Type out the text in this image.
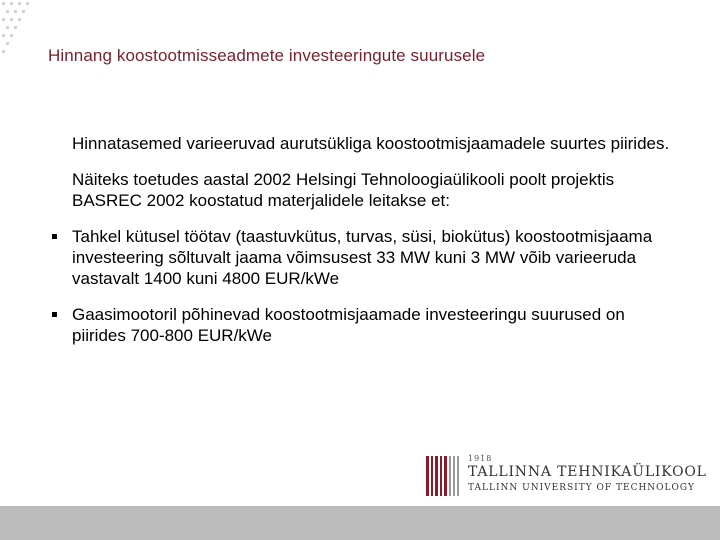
Hinnang koostootmisseadmete investeeringute suurusele

Hinnatasemed varieeruvad aurutsükliga koostootmisjaamadele suurtes piirides.

Näiteks toetudes aastal 2002 Helsingi Tehnoloogiaülikooli poolt projektis BASREC 2002 koostatud materjalidele leitakse et:

Tahkel kütusel töötav (taastuvkütus, turvas, süsi, biokütus) koostootmisjaama investeering sõltuvalt jaama võimsusest 33 MW kuni 3 MW võib varieeruda vastavalt 1400 kuni 4800 EUR/kWe
Gaasimootoril põhinevad koostootmisjaamade investeeringu suurused on piirides 700-800 EUR/kWe
1918
TALLINNA TEHNIKAÜLIKOOL
TALLINN UNIVERSITY OF TECHNOLOGY
